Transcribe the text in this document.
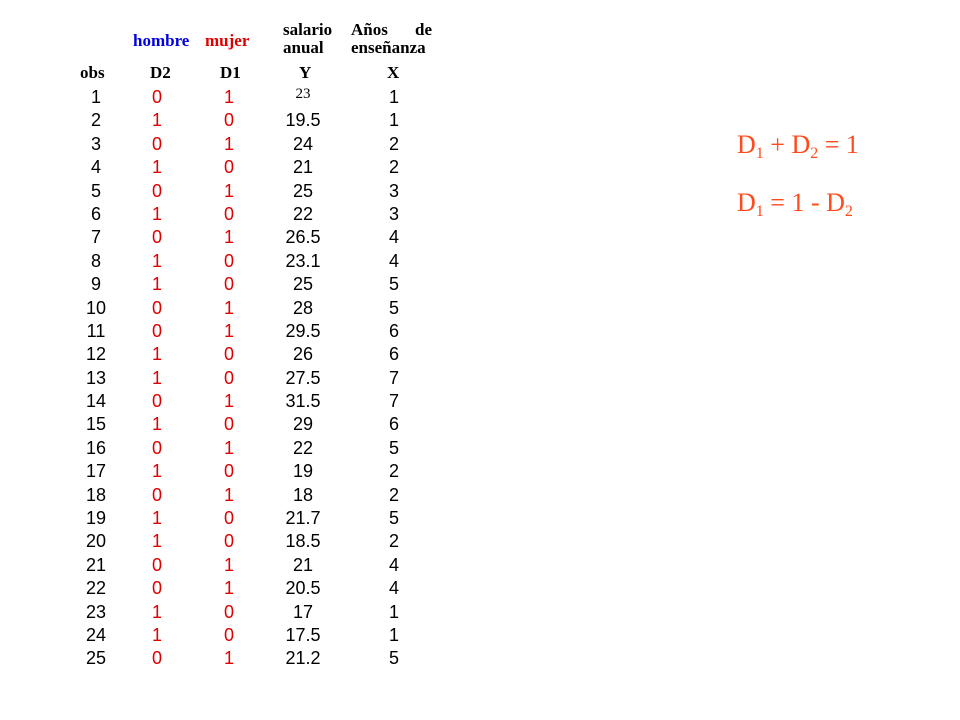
hombre mujer
salario
anual
Años de
enseñanza
obs	D2	D1	Y	X
1	0	1	23	1
2	1	0	19.5	1
3	0	1	24	2
4	1	0	21	2
5	0	1	25	3
6	1	0	22	3
7	0	1	26.5	4
8	1	0	23.1	4
9	1	0	25	5
10	0	1	28	5
11	0	1	29.5	6
12	1	0	26	6
13	1	0	27.5	7
14	0	1	31.5	7
15	1	0	29	6
16	0	1	22	5
17	1	0	19	2
18	0	1	18	2
19	1	0	21.7	5
20	1	0	18.5	2
21	0	1	21	4
22	0	1	20.5	4
23	1	0	17	1
24	1	0	17.5	1
25	0	1	21.2	5
$D_1 + D_2 = 1$
$D_1 = 1 - D_2$
